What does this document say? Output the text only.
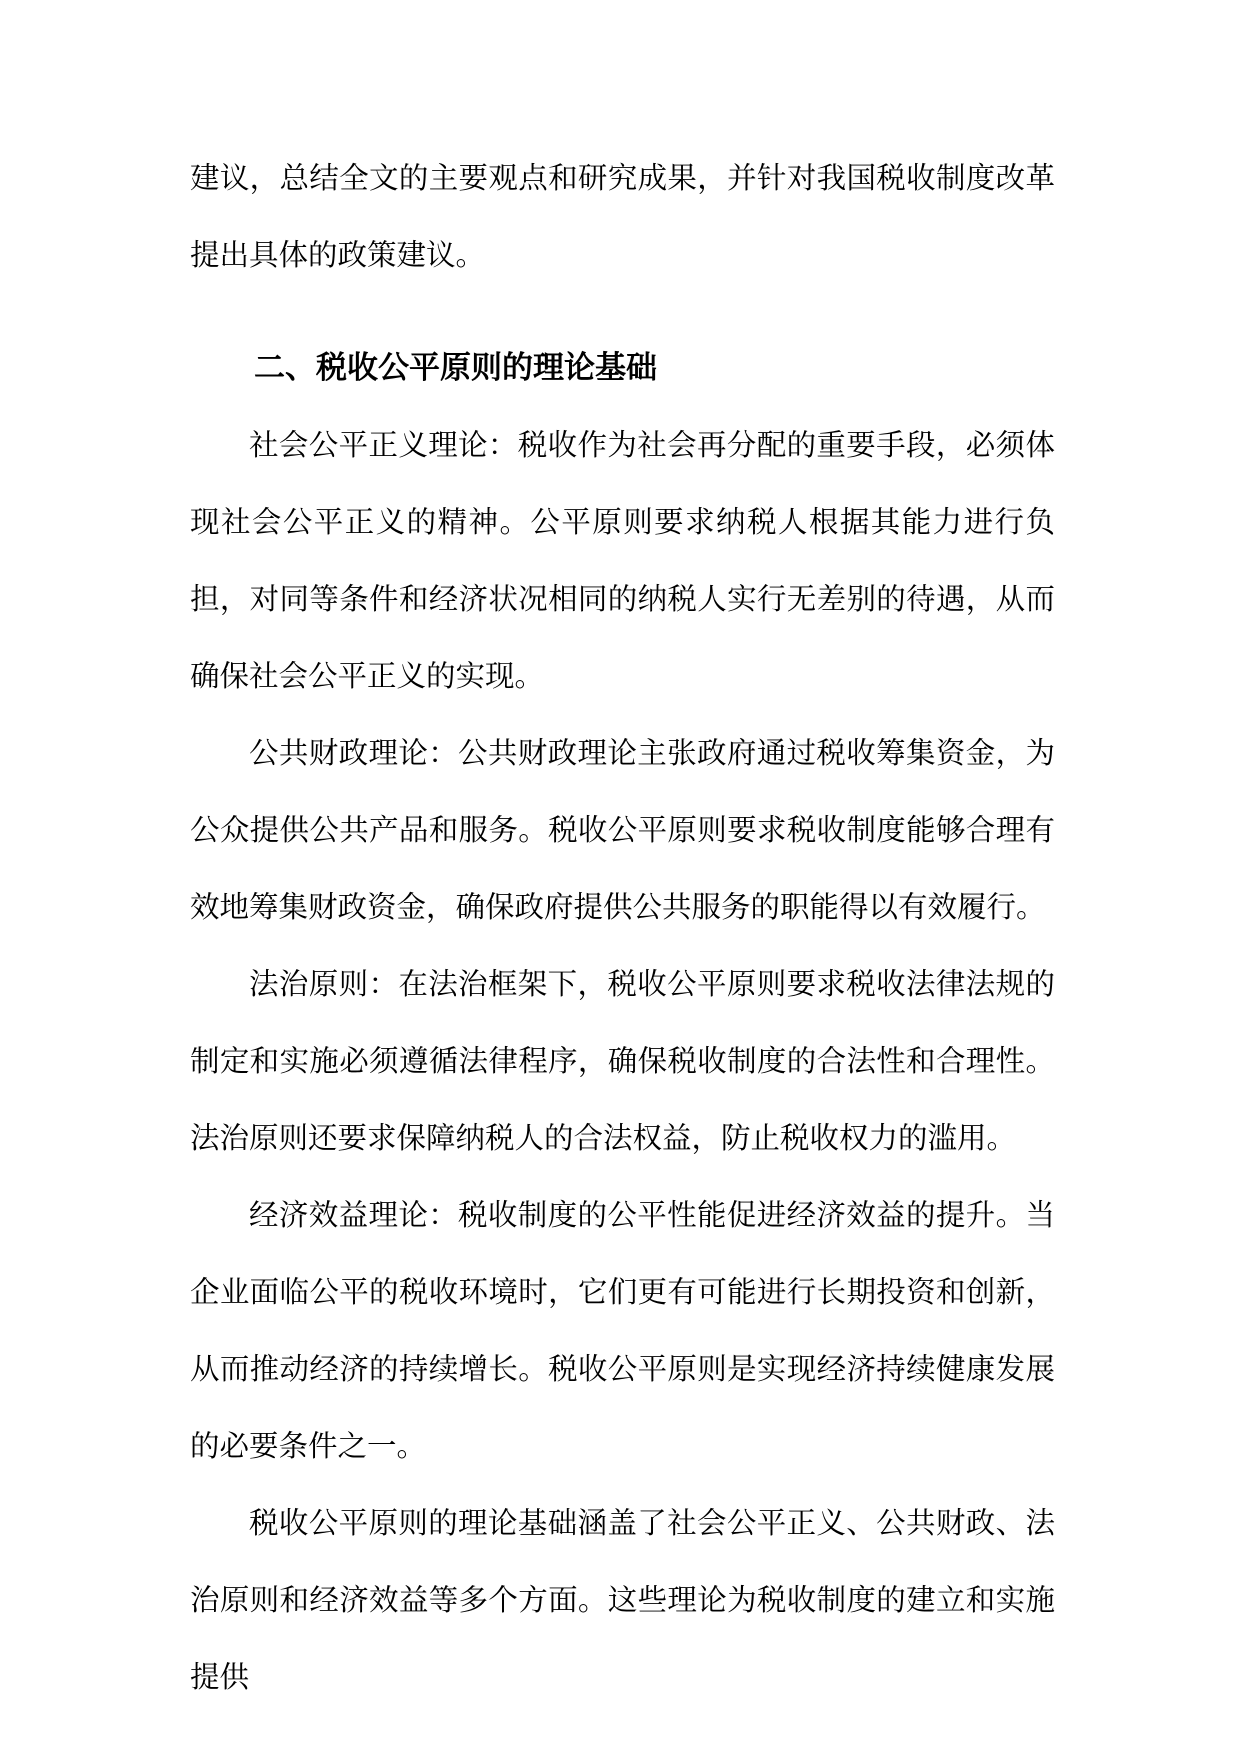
建议，总结全文的主要观点和研究成果，并针对我国税收制度改革提出具体的政策建议。

二、税收公平原则的理论基础

社会公平正义理论：税收作为社会再分配的重要手段，必须体现社会公平正义的精神。公平原则要求纳税人根据其能力进行负担，对同等条件和经济状况相同的纳税人实行无差别的待遇，从而确保社会公平正义的实现。

公共财政理论：公共财政理论主张政府通过税收筹集资金，为公众提供公共产品和服务。税收公平原则要求税收制度能够合理有效地筹集财政资金，确保政府提供公共服务的职能得以有效履行。

法治原则：在法治框架下，税收公平原则要求税收法律法规的制定和实施必须遵循法律程序，确保税收制度的合法性和合理性。法治原则还要求保障纳税人的合法权益，防止税收权力的滥用。

经济效益理论：税收制度的公平性能促进经济效益的提升。当企业面临公平的税收环境时，它们更有可能进行长期投资和创新，从而推动经济的持续增长。税收公平原则是实现经济持续健康发展的必要条件之一。

税收公平原则的理论基础涵盖了社会公平正义、公共财政、法治原则和经济效益等多个方面。这些理论为税收制度的建立和实施提供
